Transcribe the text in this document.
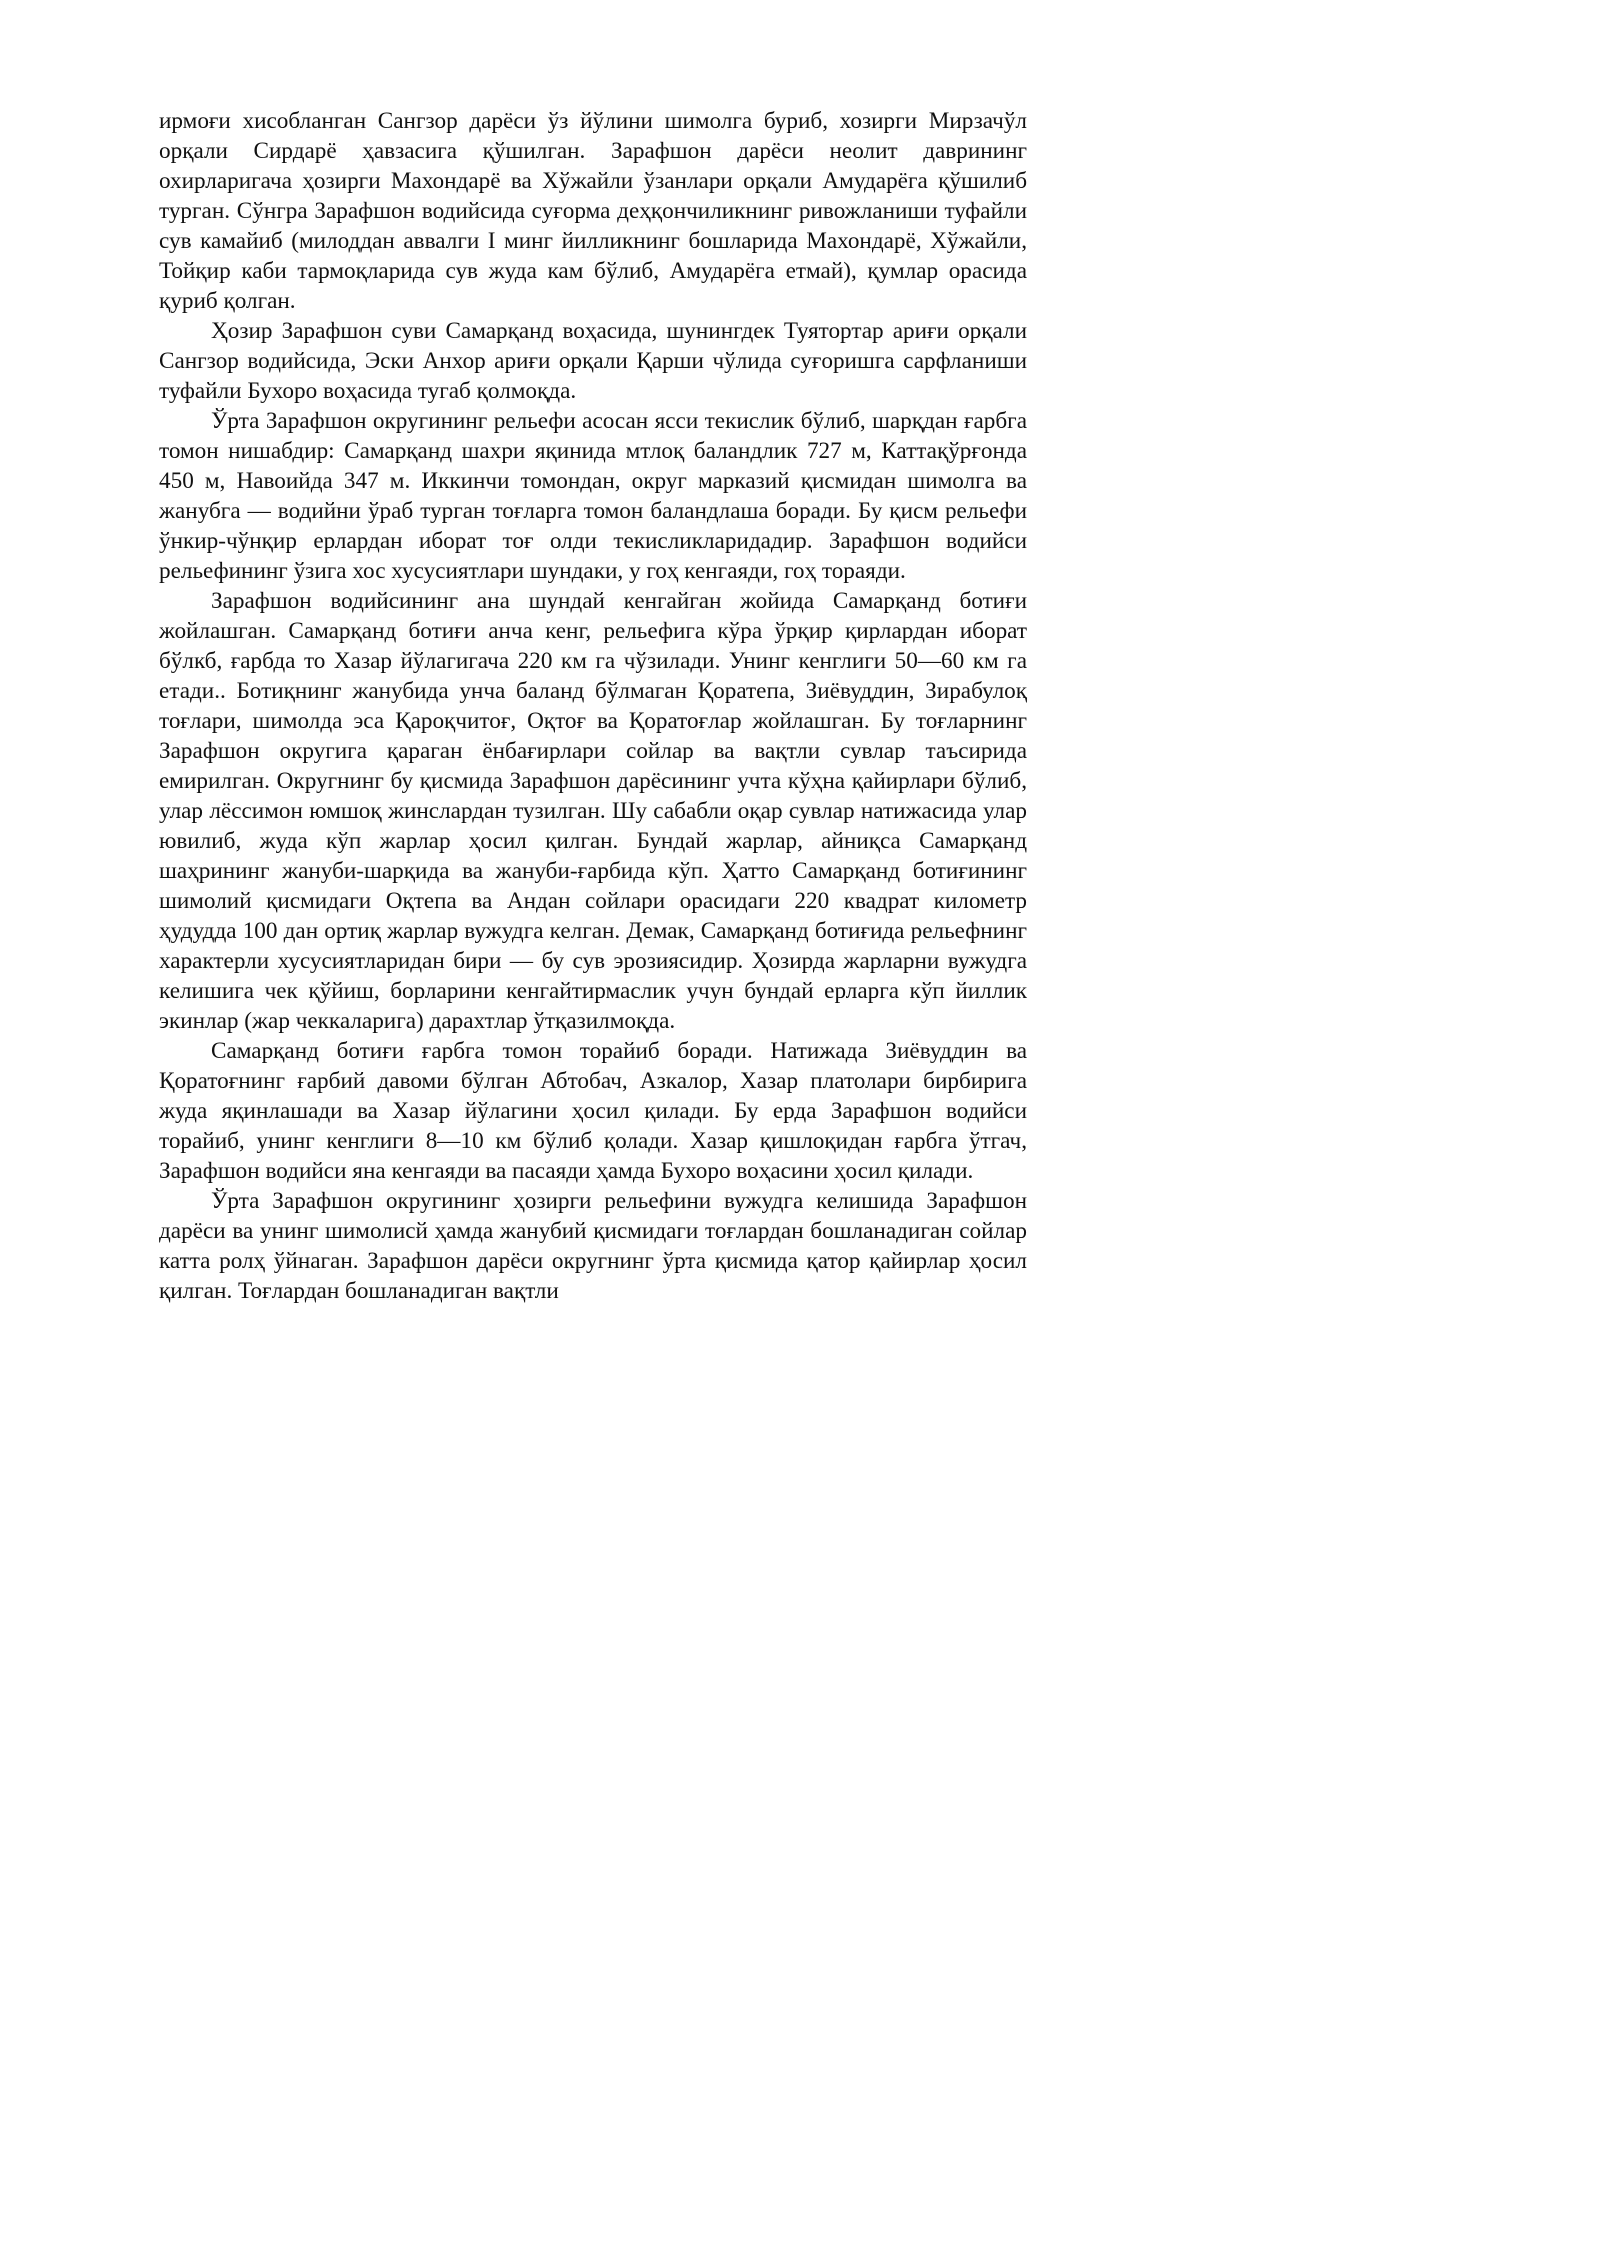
ирмоғи хисобланган Сангзор дарёси ўз йўлини шимолга буриб, хозирги Мирзачўл орқали Сирдарё ҳавзасига қўшилган. Зарафшон дарёси неолит даврининг охирларигача ҳозирги Махондарё ва Хўжайли ўзанлари орқали Амударёга қўшилиб турган. Сўнгра Зарафшон водийсида суғорма деҳқончиликнинг ривожланиши туфайли сув камайиб (милоддан аввалги I минг йилликнинг бошларида Махондарё, Хўжайли, Тойқир каби тармоқларида сув жуда кам бўлиб, Амударёга етмай), қумлар орасида қуриб қолган.

Ҳозир Зарафшон суви Самарқанд воҳасида, шунингдек Туятортар ариғи орқали Сангзор водийсида, Эски Анхор ариғи орқали Қарши чўлида суғоришга сарфланиши туфайли Бухоро воҳасида тугаб қолмоқда.

Ўрта Зарафшон округининг рельефи асосан ясси текислик бўлиб, шарқдан ғарбга томон нишабдир: Самарқанд шахри яқинида мтлоқ баландлик 727 м, Каттақўрғонда 450 м, Навоийда 347 м. Иккинчи томондан, округ марказий қисмидан шимолга ва жанубга — водийни ўраб турган тоғларга томон баландлаша боради. Бу қисм рельефи ўнкир-чўнқир ерлардан иборат тоғ олди текисликларидадир. Зарафшон водийси рельефининг ўзига хос хусусиятлари шундаки, у гоҳ кенгаяди, гоҳ тораяди.

Зарафшон водийсининг ана шундай кенгайган жойида Самарқанд ботиғи жойлашган. Самарқанд ботиғи анча кенг, рельефига кўра ўрқир қирлардан иборат бўлкб, ғарбда то Хазар йўлагигача 220 км га чўзилади. Унинг кенглиги 50—60 км га етади.. Ботиқнинг жанубида унча баланд бўлмаган Қоратепа, Зиёвуддин, Зирабулоқ тоғлари, шимолда эса Қароқчитоғ, Оқтоғ ва Қоратоғлар жойлашган. Бу тоғларнинг Зарафшон округига қараган ёнбағирлари сойлар ва вақтли сувлар таъсирида емирилган. Округнинг бу қисмида Зарафшон дарёсининг учта кўҳна қайирлари бўлиб, улар лёссимон юмшоқ жинслардан тузилган. Шу сабабли оқар сувлар натижасида улар ювилиб, жуда кўп жарлар ҳосил қилган. Бундай жарлар, айниқса Самарқанд шаҳрининг жануби-шарқида ва жануби-ғарбида кўп. Ҳатто Самарқанд ботиғининг шимолий қисмидаги Оқтепа ва Андан сойлари орасидаги 220 квадрат километр ҳудудда 100 дан ортиқ жарлар вужудга келган. Демак, Самарқанд ботиғида рельефнинг характерли хусусиятларидан бири — бу сув эрозиясидир. Ҳозирда жарларни вужудга келишига чек қўйиш, борларини кенгайтирмаслик учун бундай ерларга кўп йиллик экинлар (жар чеккаларига) дарахтлар ўтқазилмоқда.

Самарқанд ботиғи ғарбга томон торайиб боради. Натижада Зиёвуддин ва Қоратоғнинг ғарбий давоми бўлган Абтобач, Азкалор, Хазар платолари бирбирига жуда яқинлашади ва Хазар йўлагини ҳосил қилади. Бу ерда Зарафшон водийси торайиб, унинг кенглиги 8—10 км бўлиб қолади. Хазар қишлоқидан ғарбга ўтгач, Зарафшон водийси яна кенгаяди ва пасаяди ҳамда Бухоро воҳасини ҳосил қилади.

Ўрта Зарафшон округининг ҳозирги рельефини вужудга келишида Зарафшон дарёси ва унинг шимолисй ҳамда жанубий қисмидаги тоғлардан бошланадиган сойлар катта ролҳ ўйнаган. Зарафшон дарёси округнинг ўрта қисмида қатор қайирлар ҳосил қилган. Тоғлардан бошланадиган вақтли
